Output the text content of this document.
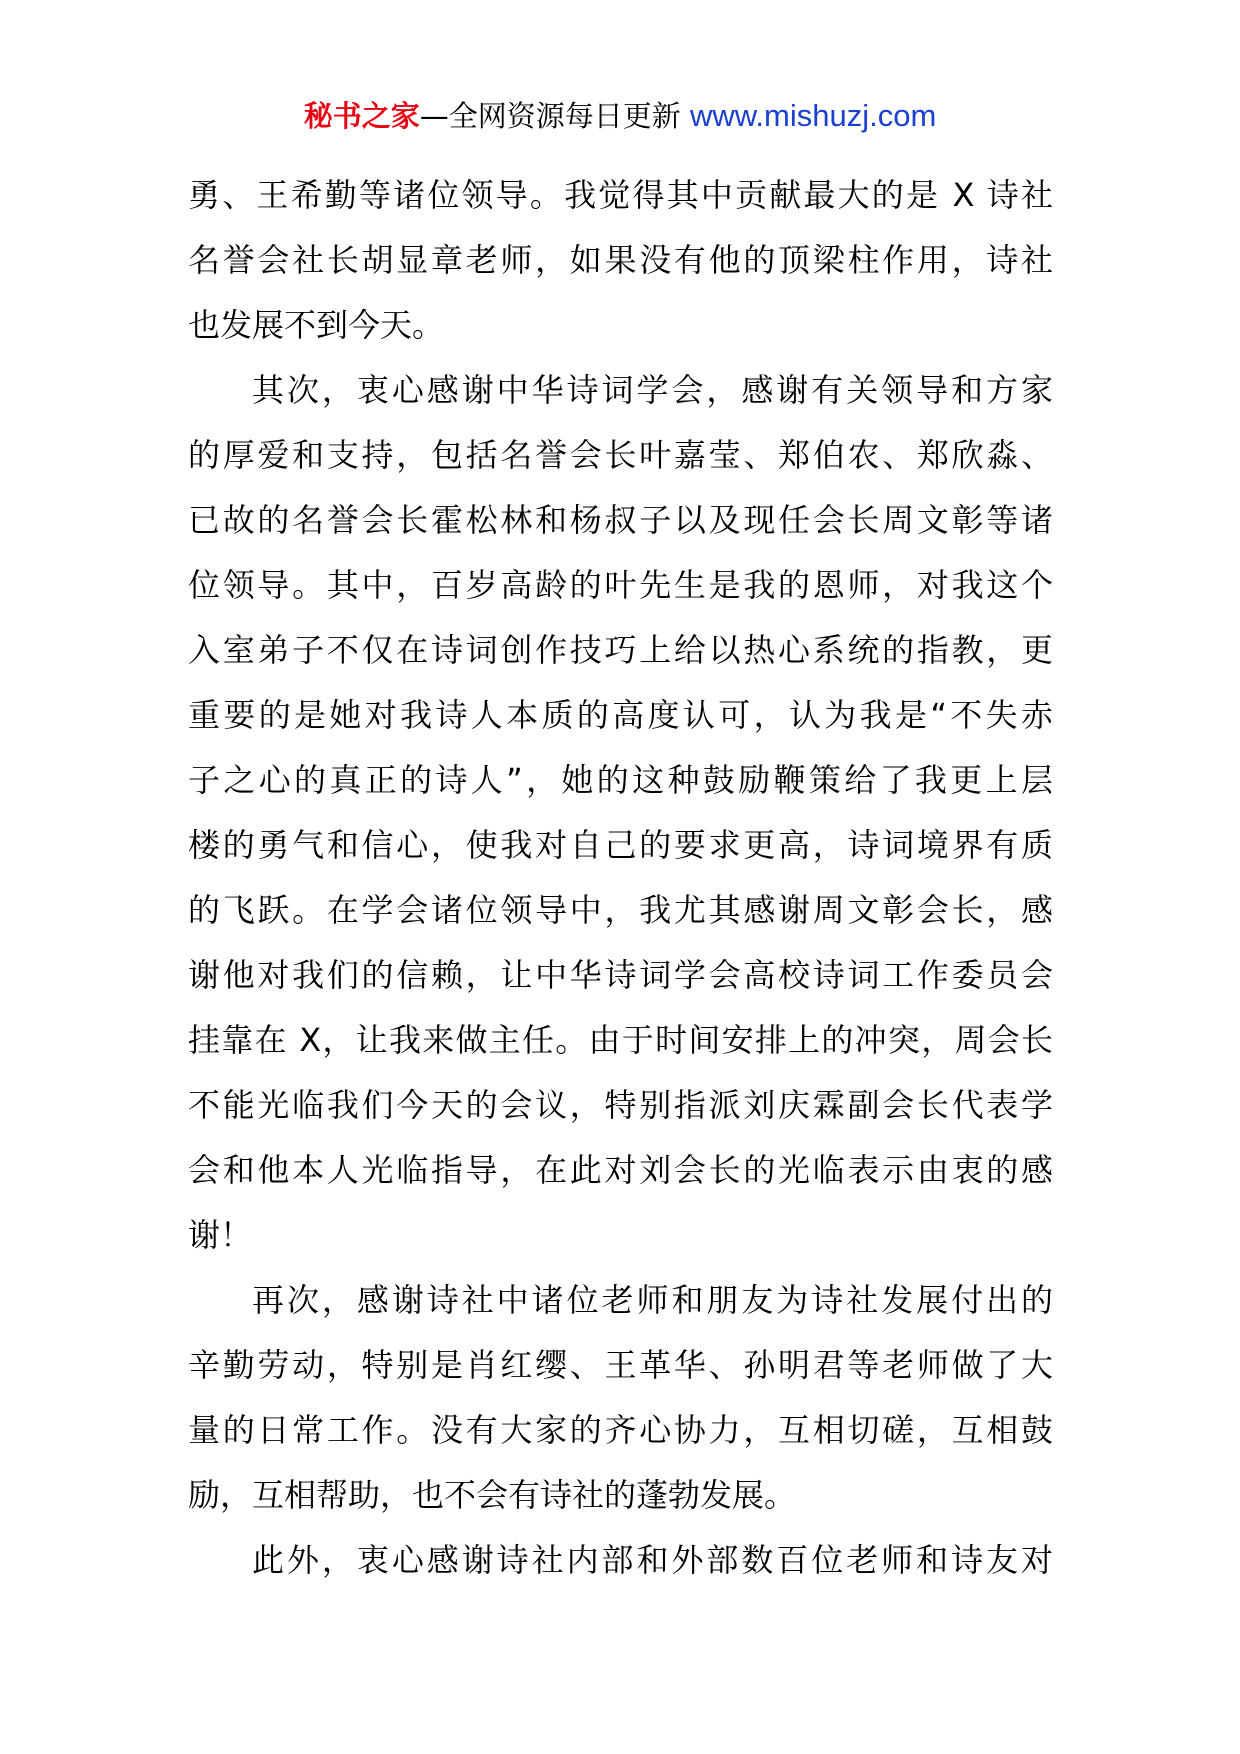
秘书之家—全网资源每日更新 www.mishuzj.com
勇、王希勤等诸位领导。我觉得其中贡献最大的是 X 诗社
名誉会社长胡显章老师，如果没有他的顶梁柱作用，诗社
也发展不到今天。
其次，衷心感谢中华诗词学会，感谢有关领导和方家
的厚爱和支持，包括名誉会长叶嘉莹、郑伯农、郑欣淼、
已故的名誉会长霍松林和杨叔子以及现任会长周文彰等诸
位领导。其中，百岁高龄的叶先生是我的恩师，对我这个
入室弟子不仅在诗词创作技巧上给以热心系统的指教，更
重要的是她对我诗人本质的高度认可，认为我是“不失赤
子之心的真正的诗人”，她的这种鼓励鞭策给了我更上层
楼的勇气和信心，使我对自己的要求更高，诗词境界有质
的飞跃。在学会诸位领导中，我尤其感谢周文彰会长，感
谢他对我们的信赖，让中华诗词学会高校诗词工作委员会
挂靠在 X，让我来做主任。由于时间安排上的冲突，周会长
不能光临我们今天的会议，特别指派刘庆霖副会长代表学
会和他本人光临指导，在此对刘会长的光临表示由衷的感
谢！
再次，感谢诗社中诸位老师和朋友为诗社发展付出的
辛勤劳动，特别是肖红缨、王革华、孙明君等老师做了大
量的日常工作。没有大家的齐心协力，互相切磋，互相鼓
励，互相帮助，也不会有诗社的蓬勃发展。
此外，衷心感谢诗社内部和外部数百位老师和诗友对
